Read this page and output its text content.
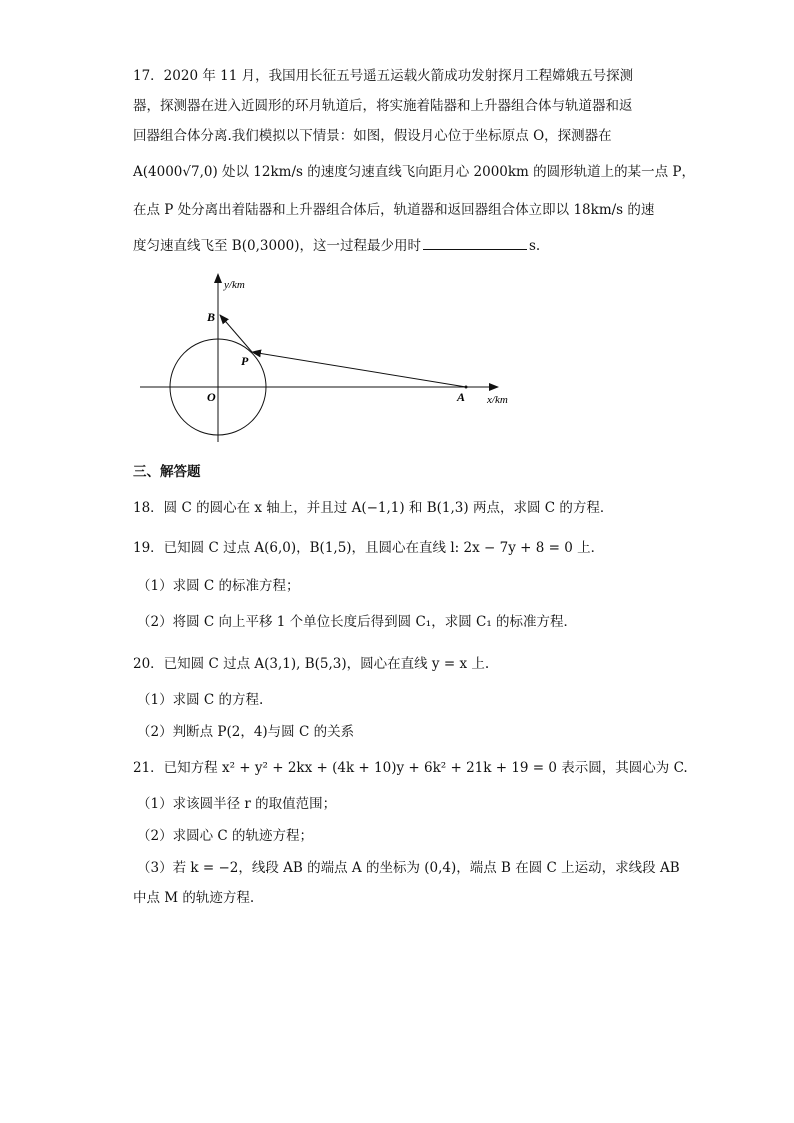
17．2020 年 11 月，我国用长征五号遥五运载火箭成功发射探月工程嫦娥五号探测
器，探测器在进入近圆形的环月轨道后，将实施着陆器和上升器组合体与轨道器和返
回器组合体分离.我们模拟以下情景：如图，假设月心位于坐标原点 O，探测器在
A(4000√7,0) 处以 12km/s 的速度匀速直线飞向距月心 2000km 的圆形轨道上的某一点 P，
在点 P 处分离出着陆器和上升器组合体后，轨道器和返回器组合体立即以 18km/s 的速
度匀速直线飞至 B(0,3000)，这一过程最少用时	s.
y/km
x/km
B
P
O	A
三、解答题
18．圆 C 的圆心在 x 轴上，并且过 A(−1,1) 和 B(1,3) 两点，求圆 C 的方程．
19．已知圆 C 过点 A(6,0)，B(1,5)，且圆心在直线 l: 2x − 7y + 8 = 0 上．
（1）求圆 C 的标准方程；
（2）将圆 C 向上平移 1 个单位长度后得到圆 C₁，求圆 C₁ 的标准方程．
20．已知圆 C 过点 A(3,1), B(5,3)，圆心在直线 y = x 上.
（1）求圆 C 的方程.
（2）判断点 P(2，4)与圆 C 的关系
21．已知方程 x² + y² + 2kx + (4k + 10)y + 6k² + 21k + 19 = 0 表示圆，其圆心为 C.
（1）求该圆半径 r 的取值范围；
（2）求圆心 C 的轨迹方程；
（3）若 k = −2，线段 AB 的端点 A 的坐标为 (0,4)，端点 B 在圆 C 上运动，求线段 AB
中点 M 的轨迹方程.
